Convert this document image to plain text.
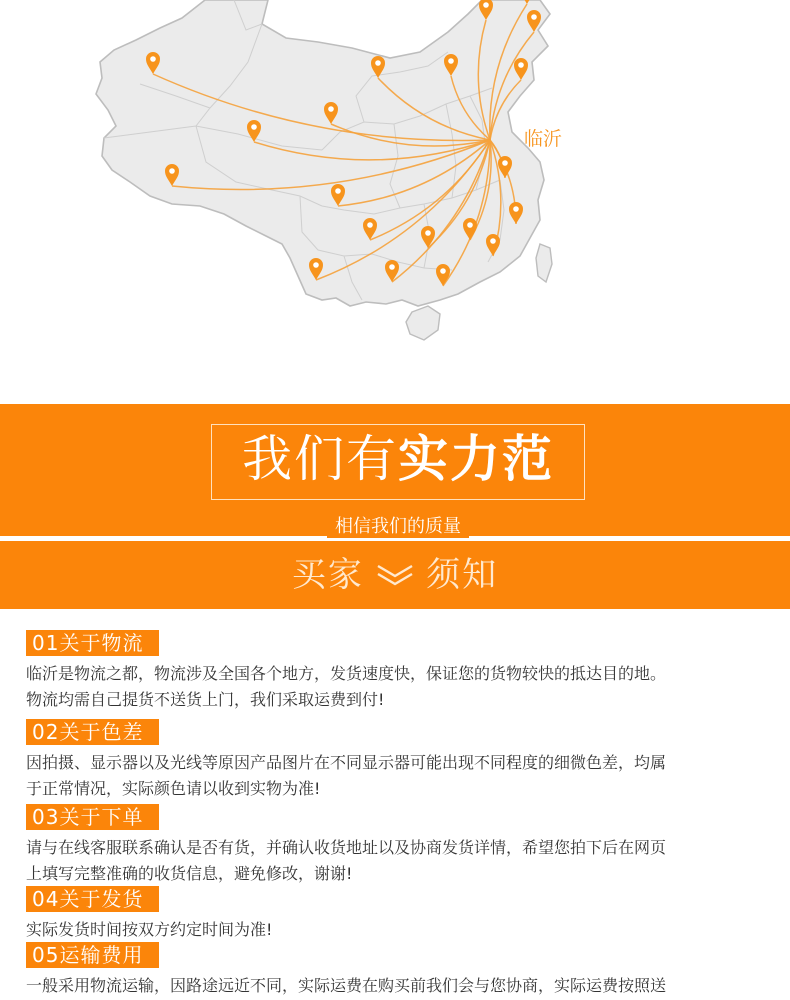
临沂
我们有实力范
相信我们的质量
买家 须知
01关于物流

临沂是物流之都，物流涉及全国各个地方，发货速度快，保证您的货物较快的抵达目的地。
物流均需自己提货不送货上门，我们采取运费到付!

02关于色差

因拍摄、显示器以及光线等原因产品图片在不同显示器可能出现不同程度的细微色差，均属
于正常情况，实际颜色请以收到实物为准!

03关于下单

请与在线客服联系确认是否有货，并确认收货地址以及协商发货详情，希望您拍下后在网页
上填写完整准确的收货信息，避免修改，谢谢!

04关于发货

实际发货时间按双方约定时间为准!

05运输费用

一般采用物流运输，因路途远近不同，实际运费在购买前我们会与您协商，实际运费按照送
